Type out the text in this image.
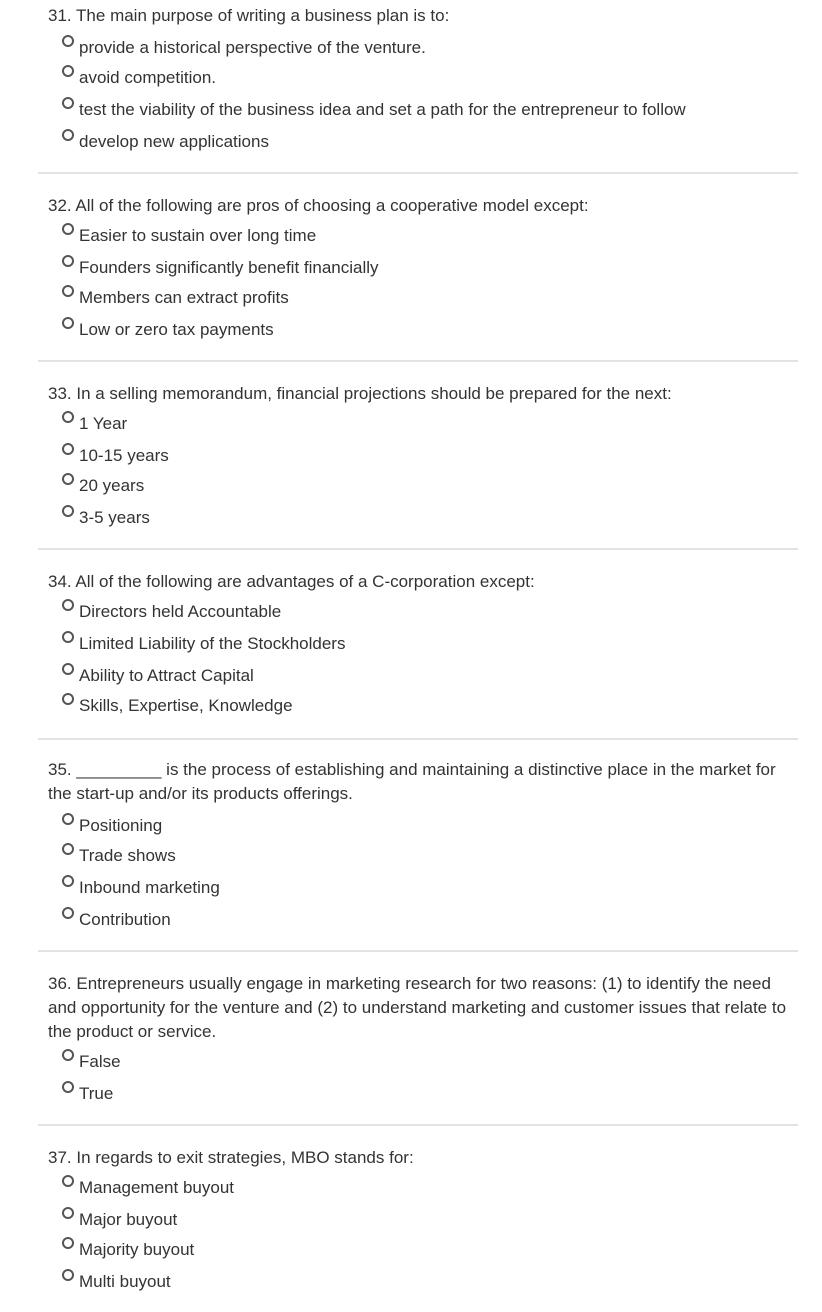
31. The main purpose of writing a business plan is to:
provide a historical perspective of the venture.
avoid competition.
test the viability of the business idea and set a path for the entrepreneur to follow
develop new applications
32. All of the following are pros of choosing a cooperative model except:
Easier to sustain over long time
Founders significantly benefit financially
Members can extract profits
Low or zero tax payments
33. In a selling memorandum, financial projections should be prepared for the next:
1 Year
10-15 years
20 years
3-5 years
34. All of the following are advantages of a C-corporation except:
Directors held Accountable
Limited Liability of the Stockholders
Ability to Attract Capital
Skills, Expertise, Knowledge
35. _________ is the process of establishing and maintaining a distinctive place in the market for the start-up and/or its products offerings.
Positioning
Trade shows
Inbound marketing
Contribution
36. Entrepreneurs usually engage in marketing research for two reasons: (1) to identify the need and opportunity for the venture and (2) to understand marketing and customer issues that relate to the product or service.
False
True
37. In regards to exit strategies, MBO stands for:
Management buyout
Major buyout
Majority buyout
Multi buyout
